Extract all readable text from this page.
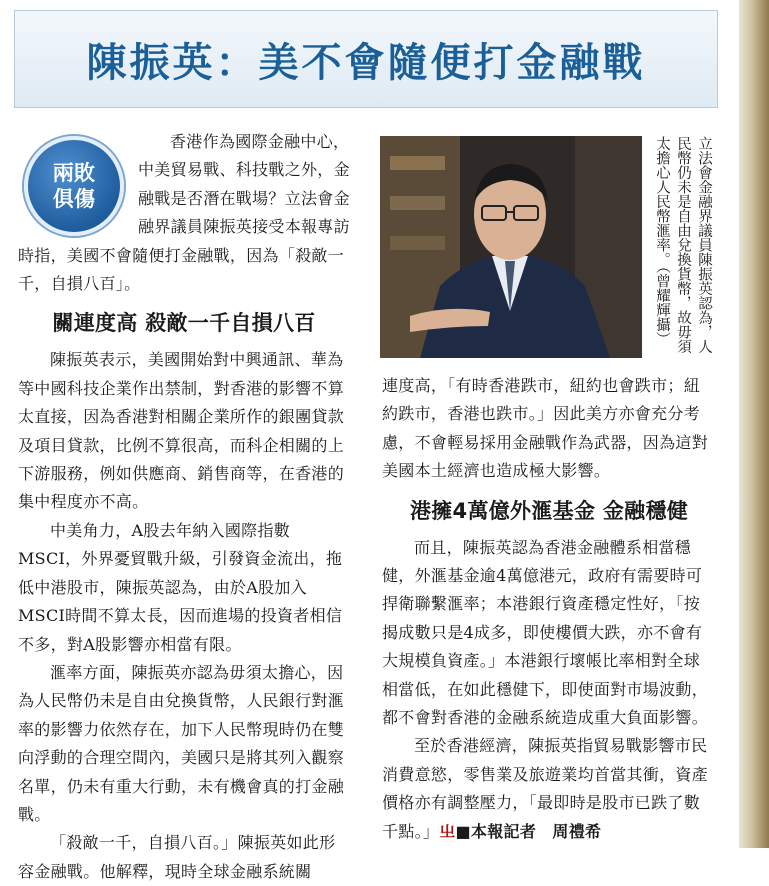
陳振英：美不會隨便打金融戰
兩敗
俱傷

香港作為國際金融中心，中美貿易戰、科技戰之外，金融戰是否潛在戰場？立法會金融界議員陳振英接受本報專訪時指，美國不會隨便打金融戰，因為「殺敵一千，自損八百」。

關連度高 殺敵一千自損八百

陳振英表示，美國開始對中興通訊、華為等中國科技企業作出禁制，對香港的影響不算太直接，因為香港對相關企業所作的銀團貸款及項目貸款，比例不算很高，而科企相關的上下游服務，例如供應商、銷售商等，在香港的集中程度亦不高。

中美角力，A股去年納入國際指數MSCI，外界憂貿戰升級，引發資金流出，拖低中港股市，陳振英認為，由於A股加入MSCI時間不算太長，因而進場的投資者相信不多，對A股影響亦相當有限。

滙率方面，陳振英亦認為毋須太擔心，因為人民幣仍未是自由兌換貨幣，人民銀行對滙率的影響力依然存在，加下人民幣現時仍在雙向浮動的合理空間內，美國只是將其列入觀察名單，仍未有重大行動，未有機會真的打金融戰。

「殺敵一千，自損八百。」陳振英如此形容金融戰。他解釋，現時全球金融系統關

立法會金融界議員陳振英認為，人民幣仍未是自由兌換貨幣，故毋須太擔心人民幣滙率。（曾耀輝攝）

連度高，「有時香港跌市，紐約也會跌市；紐約跌市，香港也跌市。」因此美方亦會充分考慮，不會輕易採用金融戰作為武器，因為這對美國本土經濟也造成極大影響。

港擁4萬億外滙基金 金融穩健

而且，陳振英認為香港金融體系相當穩健，外滙基金逾4萬億港元，政府有需要時可捍衛聯繫滙率；本港銀行資產穩定性好，「按揭成數只是4成多，即使樓價大跌，亦不會有大規模負資產。」本港銀行壞帳比率相對全球相當低，在如此穩健下，即使面對市場波動，都不會對香港的金融系統造成重大負面影響。

至於香港經濟，陳振英指貿易戰影響市民消費意慾，零售業及旅遊業均首當其衝，資產價格亦有調整壓力，「最即時是股市已跌了數千點。」㞢■本報記者　周禮希
